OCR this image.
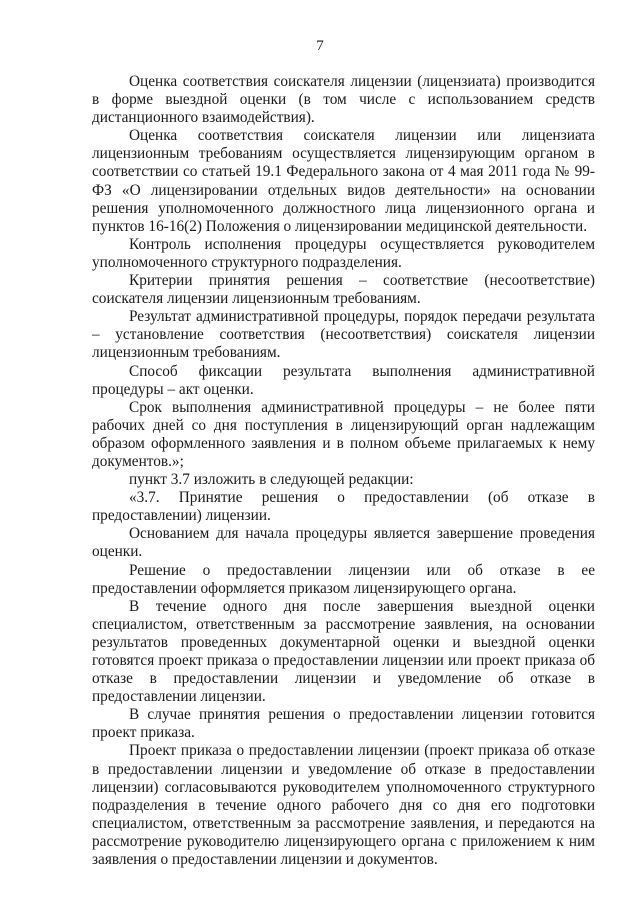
7

Оценка соответствия соискателя лицензии (лицензиата) производится в форме выездной оценки (в том числе с использованием средств дистанционного взаимодействия).

Оценка соответствия соискателя лицензии или лицензиата лицензионным требованиям осуществляется лицензирующим органом в соответствии со статьей 19.1 Федерального закона от 4 мая 2011 года № 99-ФЗ «О лицензировании отдельных видов деятельности» на основании решения уполномоченного должностного лица лицензионного органа и пунктов 16-16(2) Положения о лицензировании медицинской деятельности.

Контроль исполнения процедуры осуществляется руководителем уполномоченного структурного подразделения.

Критерии принятия решения – соответствие (несоответствие) соискателя лицензии лицензионным требованиям.

Результат административной процедуры, порядок передачи результата – установление соответствия (несоответствия) соискателя лицензии лицензионным требованиям.

Способ фиксации результата выполнения административной процедуры – акт оценки.

Срок выполнения административной процедуры – не более пяти рабочих дней со дня поступления в лицензирующий орган надлежащим образом оформленного заявления и в полном объеме прилагаемых к нему документов.»;

пункт 3.7 изложить в следующей редакции:

«3.7. Принятие решения о предоставлении (об отказе в предоставлении) лицензии.

Основанием для начала процедуры является завершение проведения оценки.

Решение о предоставлении лицензии или об отказе в ее предоставлении оформляется приказом лицензирующего органа.

В течение одного дня после завершения выездной оценки специалистом, ответственным за рассмотрение заявления, на основании результатов проведенных документарной оценки и выездной оценки готовятся проект приказа о предоставлении лицензии или проект приказа об отказе в предоставлении лицензии и уведомление об отказе в предоставлении лицензии.

В случае принятия решения о предоставлении лицензии готовится проект приказа.

Проект приказа о предоставлении лицензии (проект приказа об отказе в предоставлении лицензии и уведомление об отказе в предоставлении лицензии) согласовываются руководителем уполномоченного структурного подразделения в течение одного рабочего дня со дня его подготовки специалистом, ответственным за рассмотрение заявления, и передаются на рассмотрение руководителю лицензирующего органа с приложением к ним заявления о предоставлении лицензии и документов.
